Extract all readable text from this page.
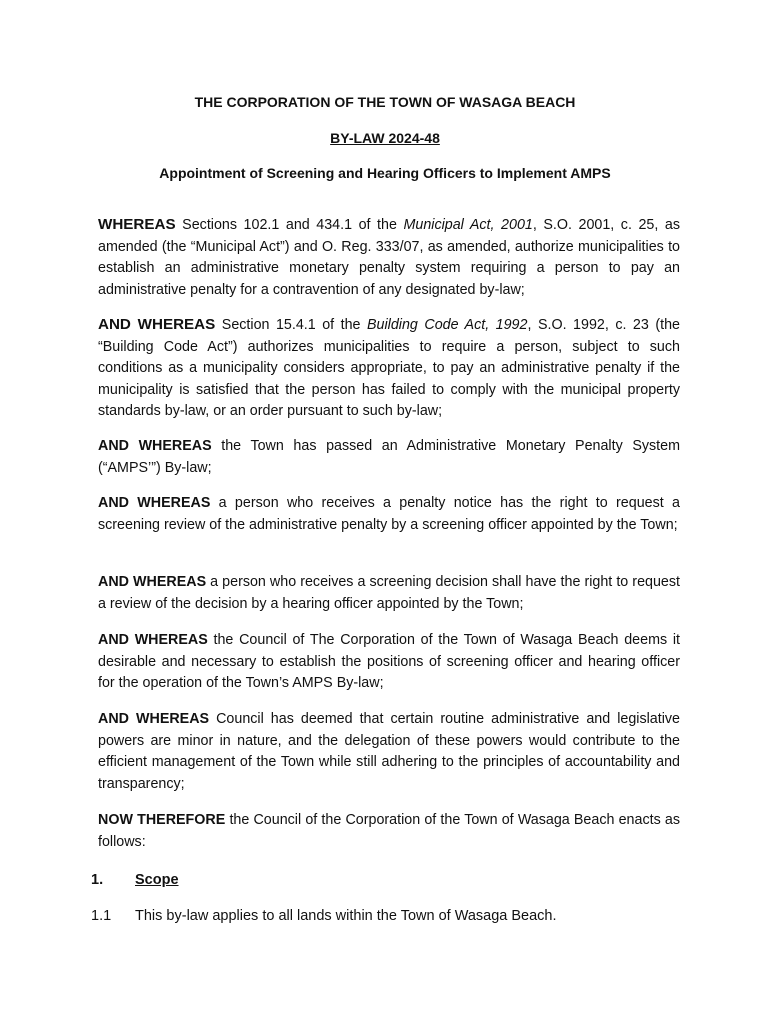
THE CORPORATION OF THE TOWN OF WASAGA BEACH
BY-LAW 2024-48
Appointment of Screening and Hearing Officers to Implement AMPS

WHEREAS Sections 102.1 and 434.1 of the Municipal Act, 2001, S.O. 2001, c. 25, as amended (the “Municipal Act”) and O. Reg. 333/07, as amended, authorize municipalities to establish an administrative monetary penalty system requiring a person to pay an administrative penalty for a contravention of any designated by-law;

AND WHEREAS Section 15.4.1 of the Building Code Act, 1992, S.O. 1992, c. 23 (the “Building Code Act”) authorizes municipalities to require a person, subject to such conditions as a municipality considers appropriate, to pay an administrative penalty if the municipality is satisfied that the person has failed to comply with the municipal property standards by-law, or an order pursuant to such by-law;

AND WHEREAS the Town has passed an Administrative Monetary Penalty System (“AMPS’”) By-law;

AND WHEREAS a person who receives a penalty notice has the right to request a screening review of the administrative penalty by a screening officer appointed by the Town;

AND WHEREAS a person who receives a screening decision shall have the right to request a review of the decision by a hearing officer appointed by the Town;

AND WHEREAS the Council of The Corporation of the Town of Wasaga Beach deems it desirable and necessary to establish the positions of screening officer and hearing officer for the operation of the Town’s AMPS By-law;

AND WHEREAS Council has deemed that certain routine administrative and legislative powers are minor in nature, and the delegation of these powers would contribute to the efficient management of the Town while still adhering to the principles of accountability and transparency;

NOW THEREFORE the Council of the Corporation of the Town of Wasaga Beach enacts as follows:

1. Scope
1.1 This by-law applies to all lands within the Town of Wasaga Beach.
